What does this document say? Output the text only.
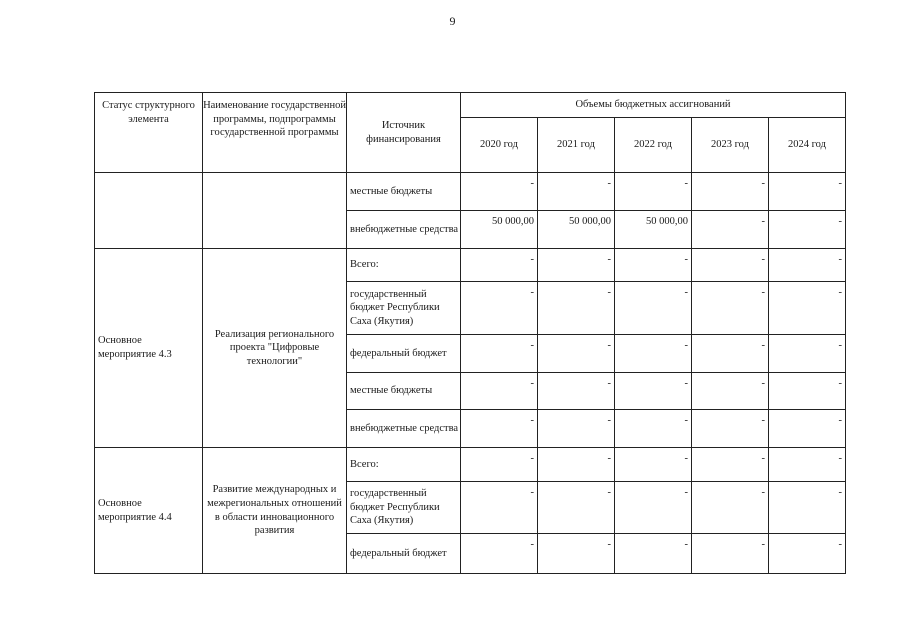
9
Статус структурного элемента	Наименование государственной программы, подпрограммы государственной программы	Источник финансирования	Объемы бюджетных ассигнований				
			2020 год	2021 год	2022 год	2023 год	2024 год
		местные бюджеты	-	-	-	-	-
		внебюджетные средства	50 000,00	50 000,00	50 000,00	-	-
Основное мероприятие 4.3	Реализация регионального проекта "Цифровые технологии"	Всего:	-	-	-	-	-
		государственный бюджет Республики Саха (Якутия)	-	-	-	-	-
		федеральный бюджет	-	-	-	-	-
		местные бюджеты	-	-	-	-	-
		внебюджетные средства	-	-	-	-	-
Основное мероприятие 4.4	Развитие международных и межрегиональных отношений в области инновационного развития	Всего:	-	-	-	-	-
		государственный бюджет Республики Саха (Якутия)	-	-	-	-	-
		федеральный бюджет	-	-	-	-	-
